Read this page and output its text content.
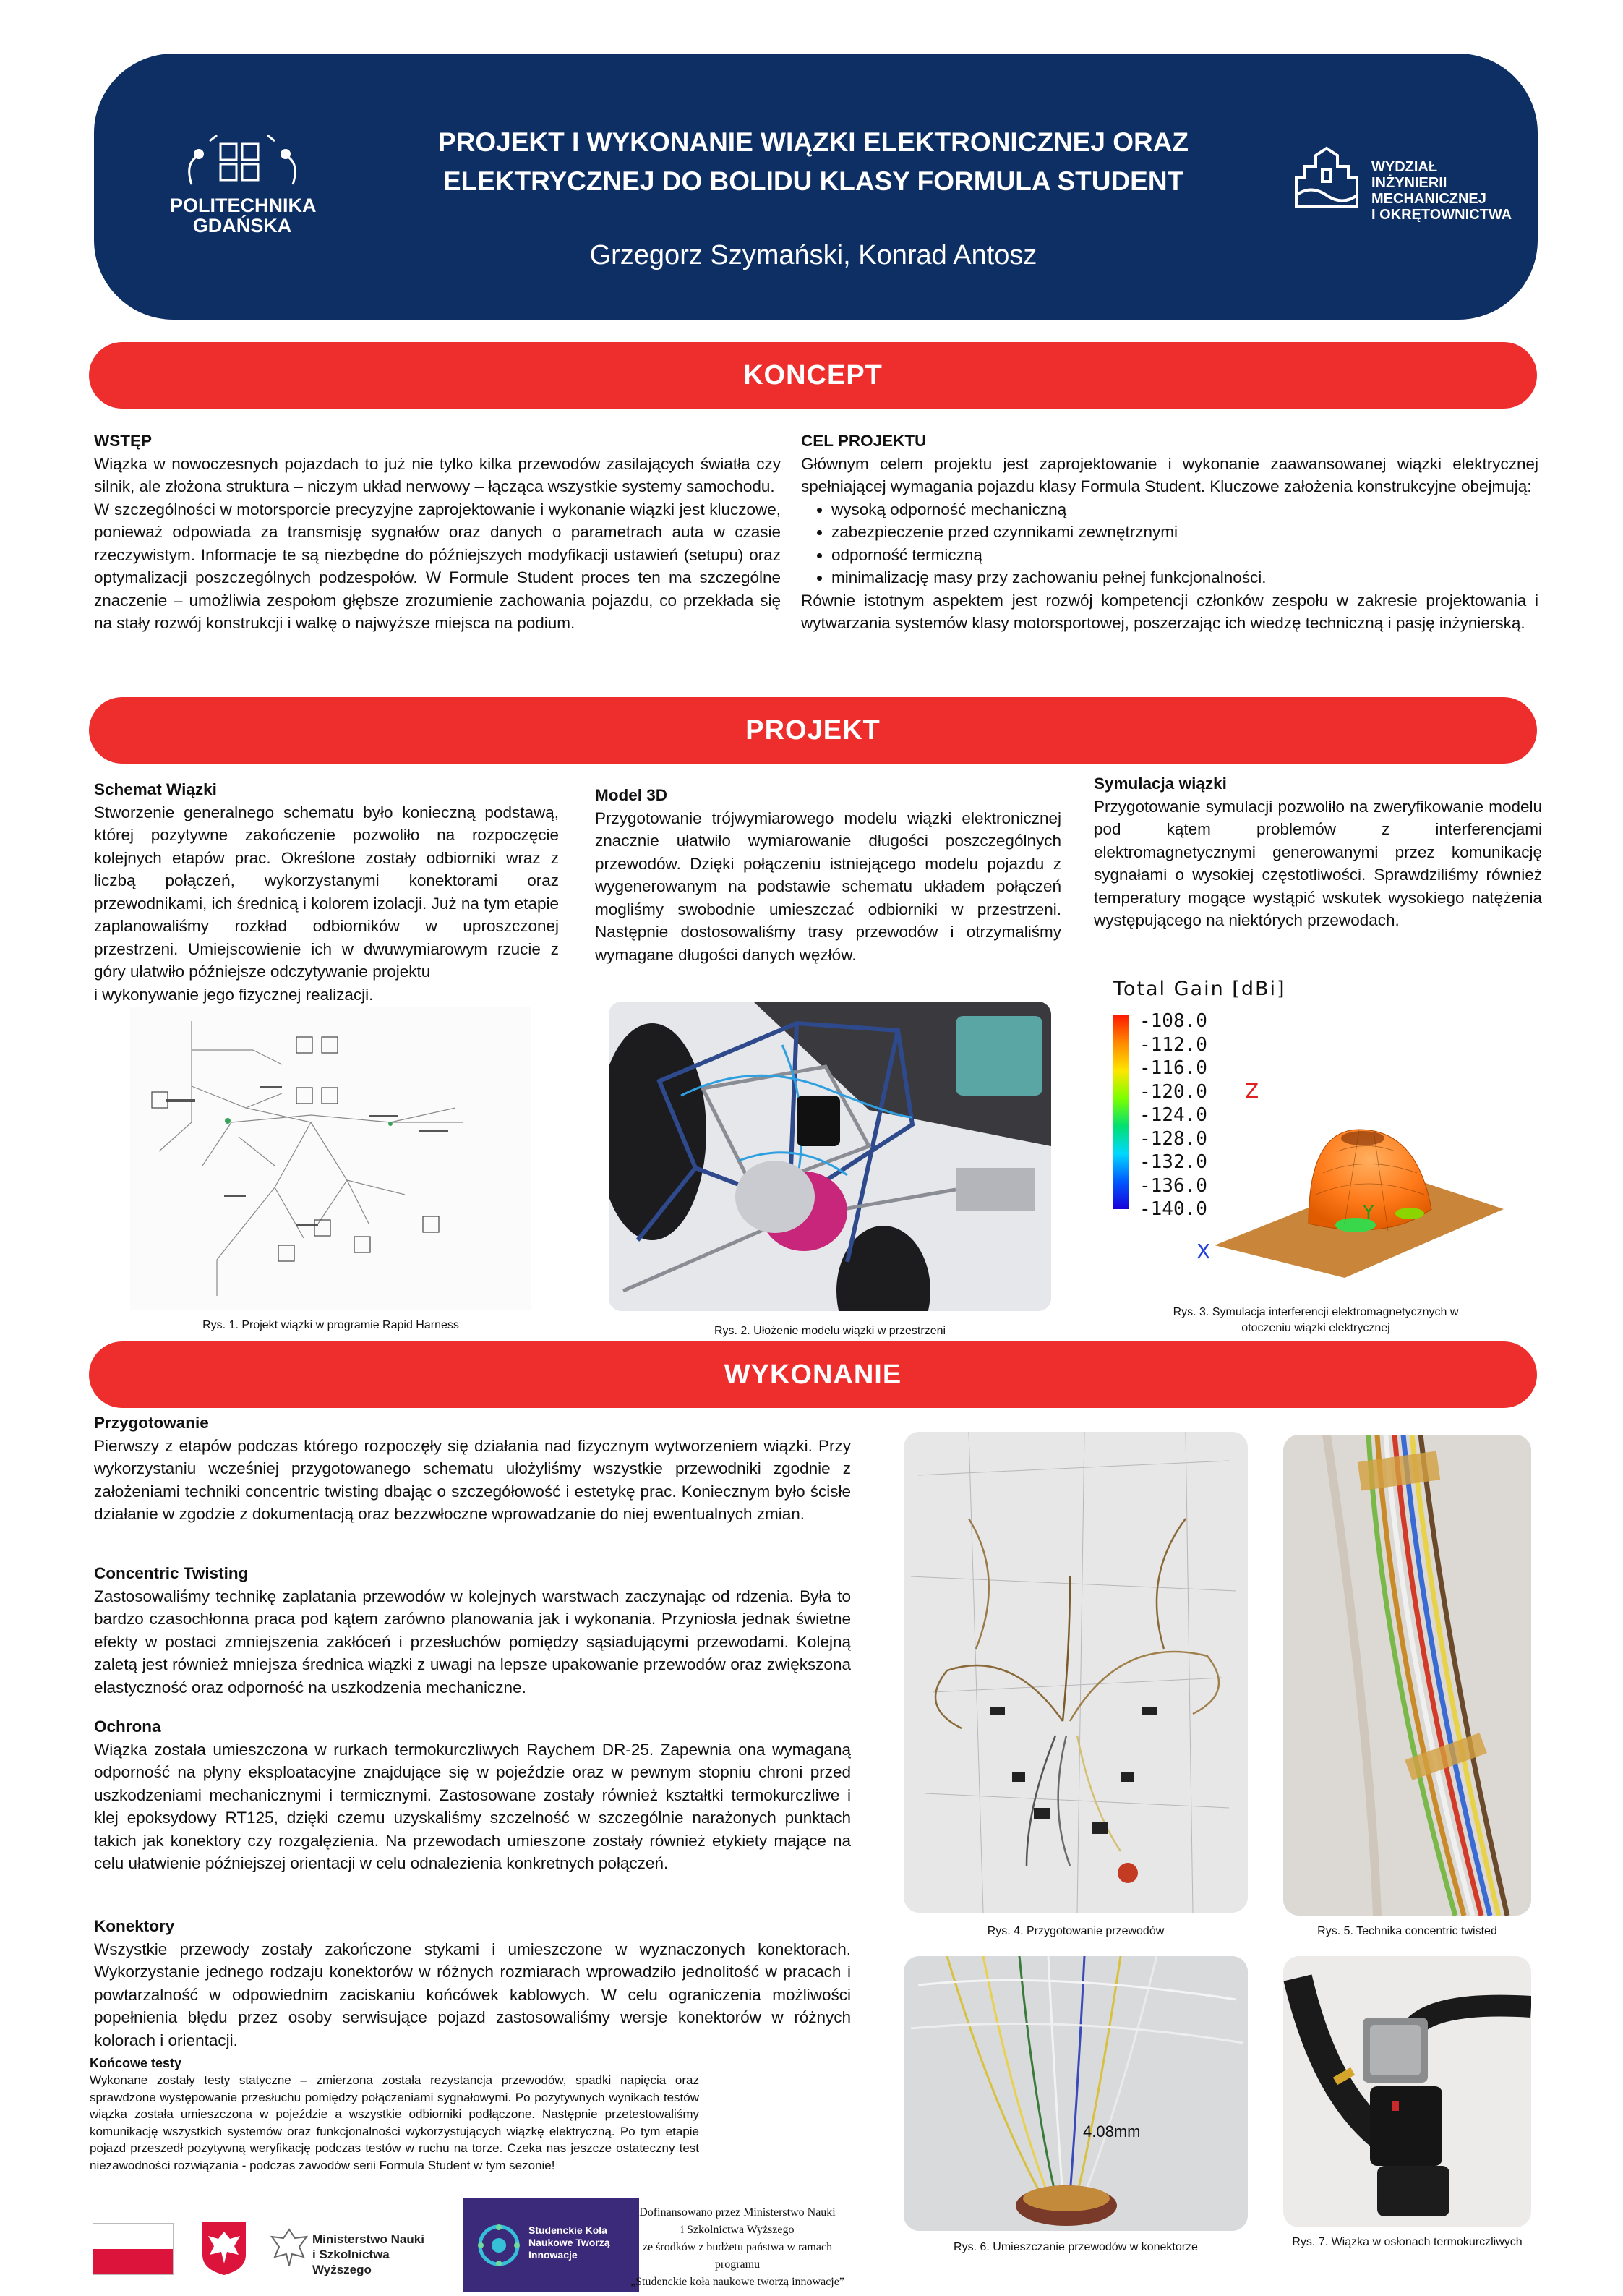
POLITECHNIKA
GDAŃSKA
PROJEKT I WYKONANIE WIĄZKI ELEKTRONICZNEJ ORAZ
ELEKTRYCZNEJ DO BOLIDU KLASY FORMULA STUDENT
Grzegorz Szymański, Konrad Antosz
WYDZIAŁ INŻYNIERII
MECHANICZNEJ
I OKRĘTOWNICTWA
KONCEPT
WSTĘP

Wiązka w nowoczesnych pojazdach to już nie tylko kilka przewodów zasilających światła czy silnik, ale złożona struktura – niczym układ nerwowy – łącząca wszystkie systemy samochodu.

W szczególności w motorsporcie precyzyjne zaprojektowanie i wykonanie wiązki jest kluczowe, ponieważ odpowiada za transmisję sygnałów oraz danych o parametrach auta w czasie rzeczywistym. Informacje te są niezbędne do późniejszych modyfikacji ustawień (setupu) oraz optymalizacji poszczególnych podzespołów. W Formule Student proces ten ma szczególne znaczenie – umożliwia zespołom głębsze zrozumienie zachowania pojazdu, co przekłada się na stały rozwój konstrukcji i walkę o najwyższe miejsca na podium.

CEL PROJEKTU

Głównym celem projektu jest zaprojektowanie i wykonanie zaawansowanej wiązki elektrycznej spełniającej wymagania pojazdu klasy Formula Student. Kluczowe założenia konstrukcyjne obejmują:

• wysoką odporność mechaniczną
• zabezpieczenie przed czynnikami zewnętrznymi
• odporność termiczną
• minimalizację masy przy zachowaniu pełnej funkcjonalności.

Równie istotnym aspektem jest rozwój kompetencji członków zespołu w zakresie projektowania i wytwarzania systemów klasy motorsportowej, poszerzając ich wiedzę techniczną i pasję inżynierską.

PROJEKT
Schemat Wiązki

Stworzenie generalnego schematu było konieczną podstawą, której pozytywne zakończenie pozwoliło na rozpoczęcie kolejnych etapów prac. Określone zostały odbiorniki wraz z liczbą połączeń, wykorzystanymi konektorami oraz przewodnikami, ich średnicą i kolorem izolacji. Już na tym etapie zaplanowaliśmy rozkład odbiorników w uproszczonej przestrzeni. Umiejscowienie ich w dwuwymiarowym rzucie z góry ułatwiło późniejsze odczytywanie projektu

i wykonywanie jego fizycznej realizacji.

Model 3D

Przygotowanie trójwymiarowego modelu wiązki elektronicznej znacznie ułatwiło wymiarowanie długości poszczególnych przewodów. Dzięki połączeniu istniejącego modelu pojazdu z wygenerowanym na podstawie schematu układem połączeń mogliśmy swobodnie umieszczać odbiorniki w przestrzeni. Następnie dostosowaliśmy trasy przewodów i otrzymaliśmy wymagane długości danych węzłów.

Symulacja wiązki

Przygotowanie symulacji pozwoliło na zweryfikowanie modelu pod kątem problemów z interferencjami elektromagnetycznymi generowanymi przez komunikację sygnałami o wysokiej częstotliwości. Sprawdziliśmy również temperatury mogące wystąpić wskutek wysokiego natężenia występującego na niektórych przewodach.

Rys. 1. Projekt wiązki w programie Rapid Harness	Rys. 2. Ułożenie modelu wiązki w przestrzeni
Total Gain [dBi]
-108.0
-112.0
-116.0
-120.0
-124.0
-128.0
-132.0
-136.0
-140.0
Z
Y
X
Rys. 3. Symulacja interferencji elektromagnetycznych w
otoczeniu wiązki elektrycznej
WYKONANIE
Przygotowanie

Pierwszy z etapów podczas którego rozpoczęły się działania nad fizycznym wytworzeniem wiązki. Przy wykorzystaniu wcześniej przygotowanego schematu ułożyliśmy wszystkie przewodniki zgodnie z założeniami techniki concentric twisting dbając o szczegółowość i estetykę prac. Koniecznym było ścisłe działanie w zgodzie z dokumentacją oraz bezzwłoczne wprowadzanie do niej ewentualnych zmian.

Concentric Twisting

Zastosowaliśmy technikę zaplatania przewodów w kolejnych warstwach zaczynając od rdzenia. Była to bardzo czasochłonna praca pod kątem zarówno planowania jak i wykonania. Przyniosła jednak świetne efekty w postaci zmniejszenia zakłóceń i przesłuchów pomiędzy sąsiadującymi przewodami. Kolejną zaletą jest również mniejsza średnica wiązki z uwagi na lepsze upakowanie przewodów oraz zwiększona elastyczność oraz odporność na uszkodzenia mechaniczne.

Ochrona

Wiązka została umieszczona w rurkach termokurczliwych Raychem DR-25. Zapewnia ona wymaganą odporność na płyny eksploatacyjne znajdujące się w pojeździe oraz w pewnym stopniu chroni przed uszkodzeniami mechanicznymi i termicznymi. Zastosowane zostały również kształtki termokurczliwe i klej epoksydowy RT125, dzięki czemu uzyskaliśmy szczelność w szczególnie narażonych punktach takich jak konektory czy rozgałęzienia. Na przewodach umieszone zostały również etykiety mające na celu ułatwienie późniejszej orientacji w celu odnalezienia konkretnych połączeń.

Konektory

Wszystkie przewody zostały zakończone stykami i umieszczone w wyznaczonych konektorach. Wykorzystanie jednego rodzaju konektorów w różnych rozmiarach wprowadziło jednolitość w pracach i powtarzalność w odpowiednim zaciskaniu końcówek kablowych. W celu ograniczenia możliwości popełnienia błędu przez osoby serwisujące pojazd zastosowaliśmy wersje konektorów w różnych kolorach i orientacji.

Końcowe testy
Wykonane zostały testy statyczne – zmierzona została rezystancja przewodów, spadki napięcia oraz sprawdzone występowanie przesłuchu pomiędzy połączeniami sygnałowymi. Po pozytywnych wynikach testów wiązka została umieszczona w pojeździe a wszystkie odbiorniki podłączone. Następnie przetestowaliśmy komunikację wszystkich systemów oraz funkcjonalności wykorzystujących wiązkę elektryczną. Po tym etapie pojazd przeszedł pozytywną weryfikację podczas testów w ruchu na torze. Czeka nas jeszcze ostateczny test niezawodności rozwiązania - podczas zawodów serii Formula Student w tym sezonie!
Rys. 4. Przygotowanie przewodów	Rys. 5. Technika concentric twisted
4.08mm
Rys. 6. Umieszczanie przewodów w konektorze	Rys. 7. Wiązka w osłonach termokurczliwych
Ministerstwo Nauki
i Szkolnictwa Wyższego
Studenckie Koła
Naukowe Tworzą
Innowacje
Dofinansowano przez Ministerstwo Nauki
i Szkolnictwa Wyższego
ze środków z budżetu państwa w ramach
programu
„Studenckie koła naukowe tworzą innowacje”
